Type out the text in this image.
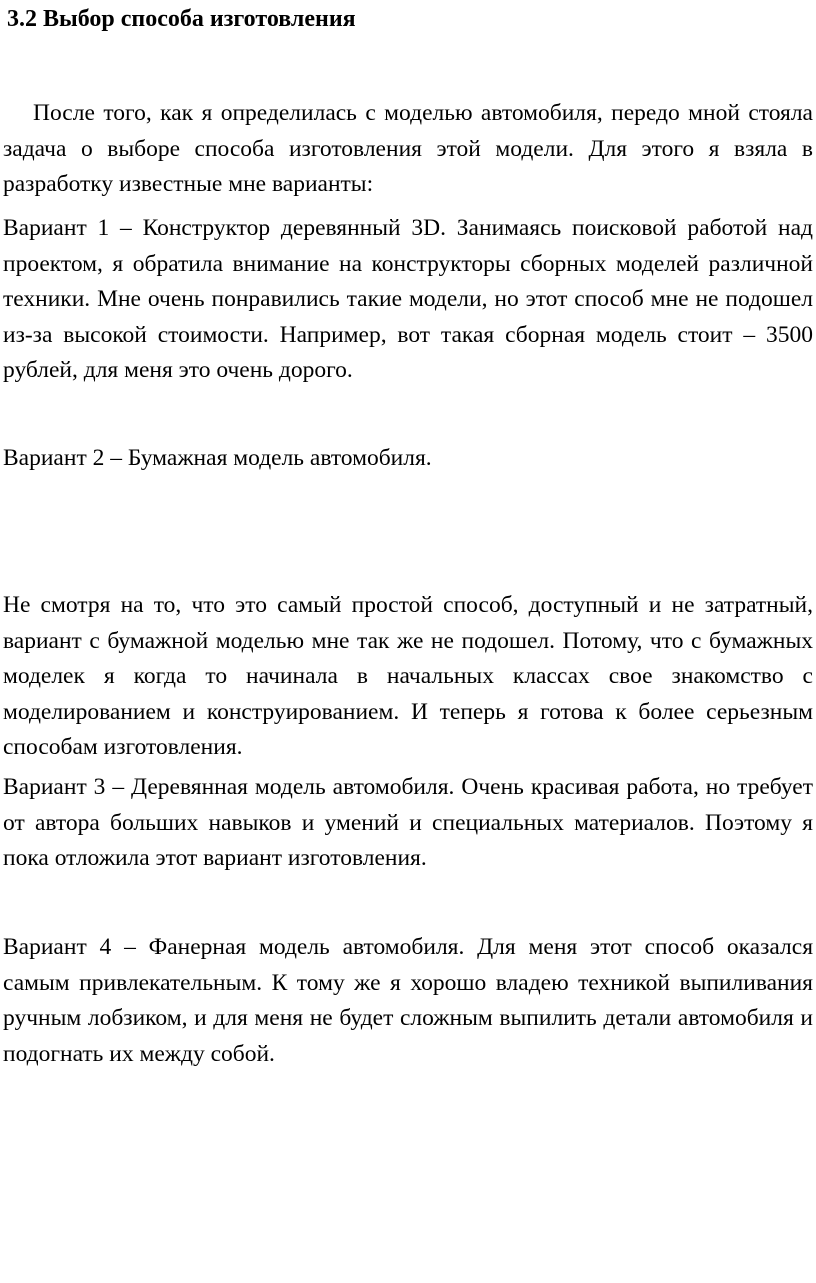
3.2 Выбор способа изготовления

После того, как я определилась с моделью автомобиля, передо мной стояла задача о выборе способа изготовления этой модели. Для этого я взяла в разработку известные мне варианты:

Вариант 1 – Конструктор деревянный 3D. Занимаясь поисковой работой над проектом, я обратила внимание на конструкторы сборных моделей различной техники. Мне очень понравились такие модели, но этот способ мне не подошел из-за высокой стоимости. Например, вот такая сборная модель стоит – 3500 рублей, для меня это очень дорого.

Вариант 2 – Бумажная модель автомобиля.

Не смотря на то, что это самый простой способ, доступный и не затратный, вариант с бумажной моделью мне так же не подошел. Потому, что с бумажных моделек я когда то начинала в начальных классах свое знакомство с моделированием и конструированием. И теперь я готова к более серьезным способам изготовления.

Вариант 3 – Деревянная модель автомобиля. Очень красивая работа, но требует от автора больших навыков и умений и специальных материалов. Поэтому я пока отложила этот вариант изготовления.

Вариант 4 – Фанерная модель автомобиля. Для меня этот способ оказался самым привлекательным. К тому же я хорошо владею техникой выпиливания ручным лобзиком, и для меня не будет сложным выпилить детали автомобиля и подогнать их между собой.
